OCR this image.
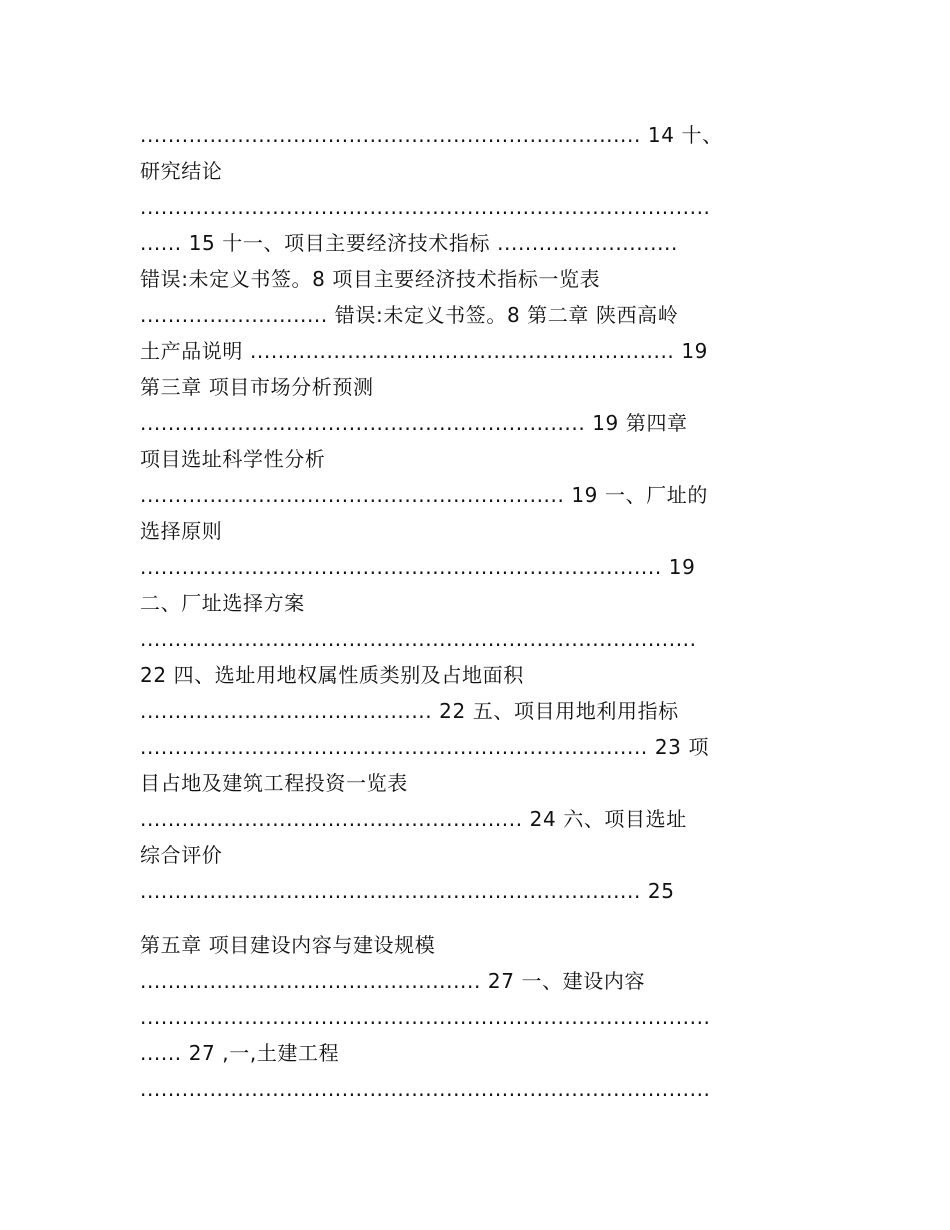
........................................................................ 14 十、
研究结论
..................................................................................
...... 15 十一、项目主要经济技术指标 ..........................
错误:未定义书签。8 项目主要经济技术指标一览表
........................... 错误:未定义书签。8 第二章 陕西高岭
土产品说明 ............................................................. 19
第三章 项目市场分析预测
................................................................ 19 第四章
项目选址科学性分析
............................................................. 19 一、厂址的
选择原则
........................................................................... 19
二、厂址选择方案
................................................................................
22 四、选址用地权属性质类别及占地面积
.......................................... 22 五、项目用地利用指标
......................................................................... 23 项
目占地及建筑工程投资一览表
....................................................... 24 六、项目选址
综合评价
........................................................................ 25
第五章 项目建设内容与建设规模
................................................. 27 一、建设内容
..................................................................................
...... 27 ,一,土建工程
..................................................................................
